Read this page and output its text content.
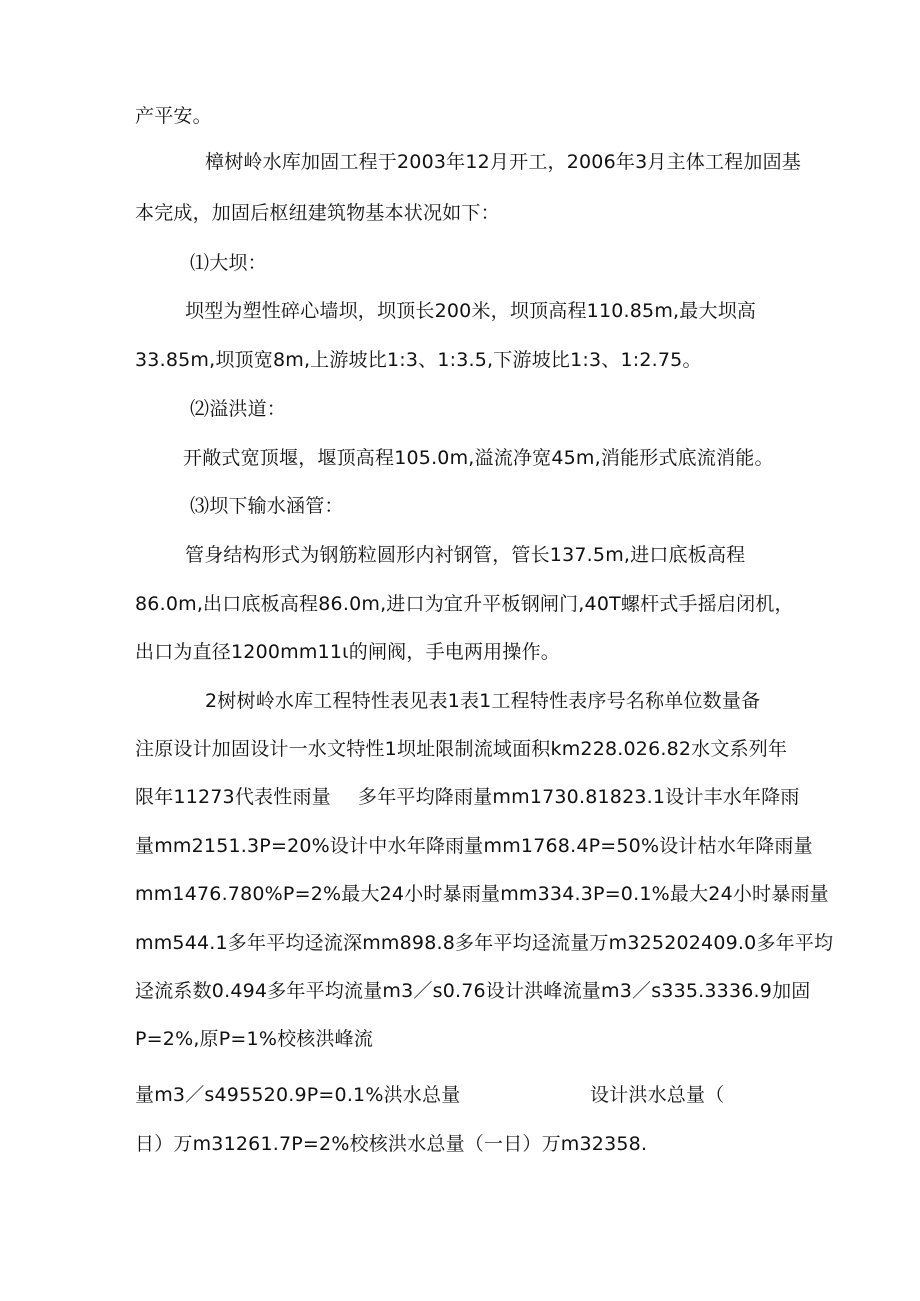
产平安。
樟树岭水库加固工程于2003年12月开工，2006年3月主体工程加固基
本完成，加固后枢纽建筑物基本状况如下：
⑴大坝：
坝型为塑性碎心墙坝，坝顶长200米，坝顶高程110.85m,最大坝高
33.85m,坝顶宽8m,上游坡比1:3、1:3.5,下游坡比1:3、1:2.75。
⑵溢洪道：
开敞式宽顶堰，堰顶高程105.0m,溢流净宽45m,消能形式底流消能。
⑶坝下输水涵管：
管身结构形式为钢筋粒圆形内衬钢管，管长137.5m,进口底板高程
86.0m,出口底板高程86.0m,进口为宜升平板钢闸门,40T螺杆式手摇启闭机，
出口为直径1200mm11ι的闸阀，手电两用操作。
2树树岭水库工程特性表见表1表1工程特性表序号名称单位数量备
注原设计加固设计一水文特性1坝址限制流域面积km228.026.82水文系列年
限年11273代表性雨量 多年平均降雨量mm1730.81823.1设计丰水年降雨
量mm2151.3P=20%设计中水年降雨量mm1768.4P=50%设计枯水年降雨量
mm1476.780%P=2%最大24小时暴雨量mm334.3P=0.1%最大24小时暴雨量
mm544.1多年平均迳流深mm898.8多年平均迳流量万m325202409.0多年平均
迳流系数0.494多年平均流量m3／s0.76设计洪峰流量m3／s335.3336.9加固
P=2%,原P=1%校核洪峰流
量m3／s495520.9P=0.1%洪水总量	设计洪水总量（
日）万m31261.7P=2%校核洪水总量（一日）万m32358.
